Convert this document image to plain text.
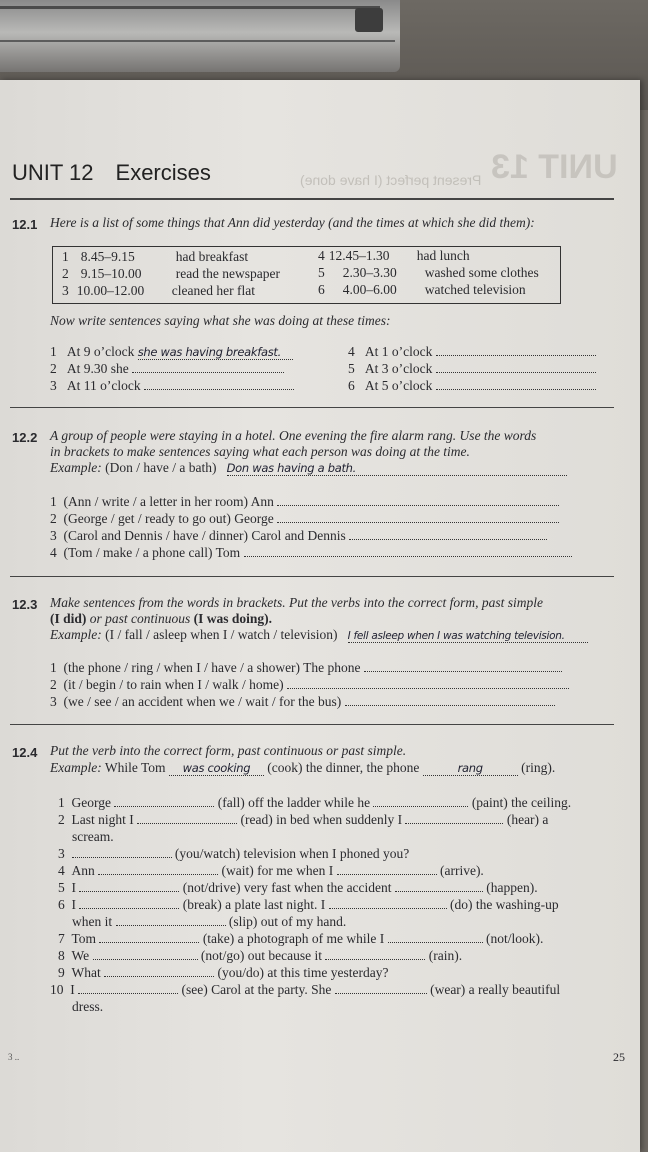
UNIT 13
Present perfect (I have done)
UNIT 12 Exercises
12.1 Here is a list of some things that Ann did yesterday (and the times at which she did them):
1 8.45–9.15	had breakfast
2 9.15–10.00	read the newspaper
3 10.00–12.00 cleaned her flat
4 12.45–1.30 had lunch
5 2.30–3.30 washed some clothes
6 4.00–6.00 watched television
Now write sentences saying what she was doing at these times:
1 At 9 o’clock she was having breakfast.
2 At 9.30 she
3 At 11 o’clock
4 At 1 o’clock
5 At 3 o’clock
6 At 5 o’clock
12.2 A group of people were staying in a hotel. One evening the fire alarm rang. Use the words
in brackets to make sentences saying what each person was doing at the time.
Example: (Don / have / a bath) Don was having a bath.
1 (Ann / write / a letter in her room) Ann
2 (George / get / ready to go out) George
3 (Carol and Dennis / have / dinner) Carol and Dennis
4 (Tom / make / a phone call) Tom
12.3 Make sentences from the words in brackets. Put the verbs into the correct form, past simple
(I did) or past continuous (I was doing).
Example: (I / fall / asleep when I / watch / television) I fell asleep when I was watching television.
1 (the phone / ring / when I / have / a shower) The phone
2 (it / begin / to rain when I / walk / home)
3 (we / see / an accident when we / wait / for the bus)
12.4 Put the verb into the correct form, past continuous or past simple.
Example: While Tom was cooking (cook) the dinner, the phone	rang	(ring).
1 George	(fall) off the ladder while he	(paint) the ceiling.
2 Last night I	(read) in bed when suddenly I	(hear) a
scream.
3	(you/watch) television when I phoned you?
4 Ann	(wait) for me when I	(arrive).
5 I	(not/drive) very fast when the accident	(happen).
6 I	(break) a plate last night. I	(do) the washing-up
when it	(slip) out of my hand.
7 Tom	(take) a photograph of me while I	(not/look).
8 We	(not/go) out because it	(rain).
9 What	(you/do) at this time yesterday?
10 I	(see) Carol at the party. She	(wear) a really beautiful
dress.
3 ..	25
